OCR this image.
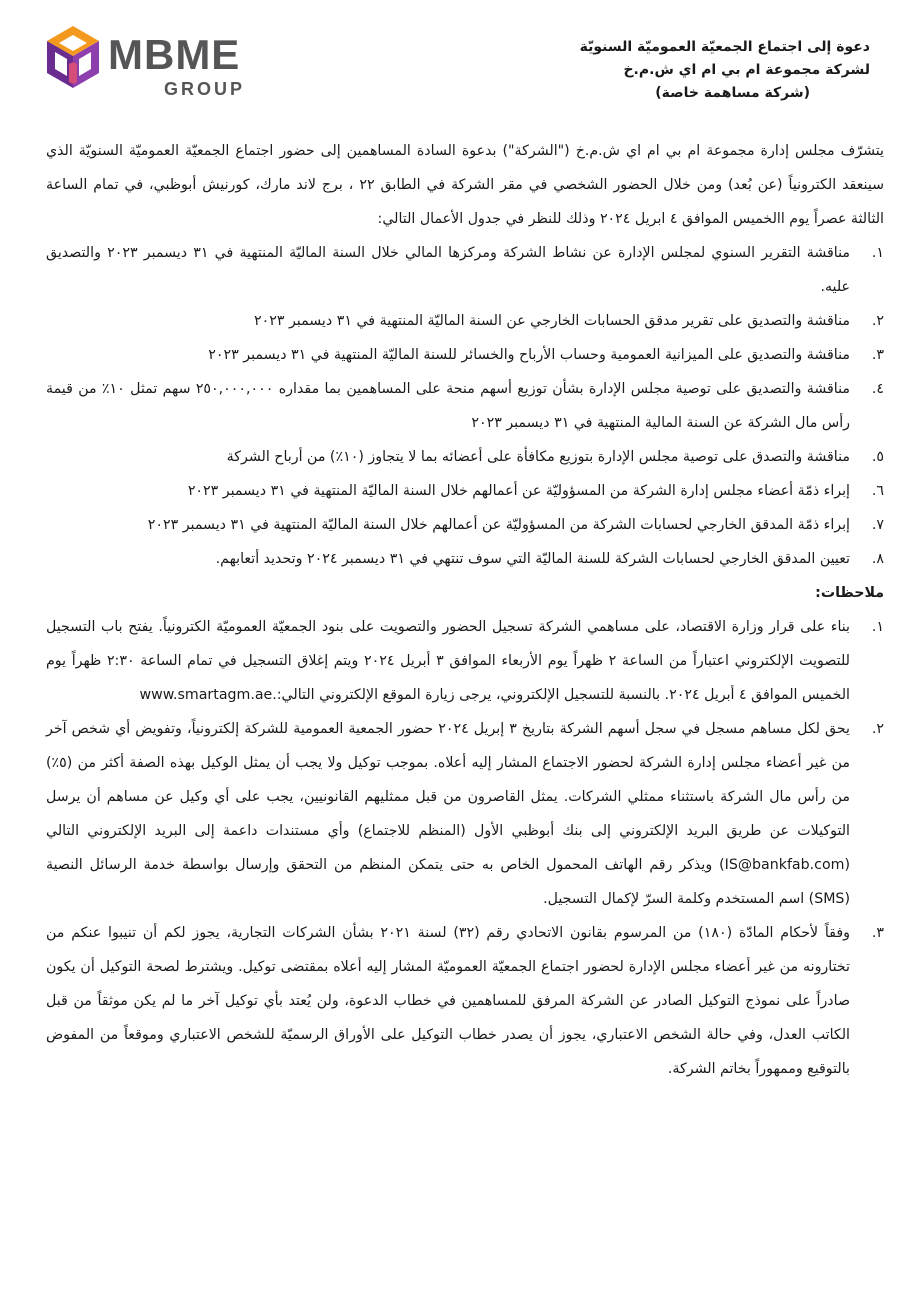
MBME
GROUP
دعوة إلى اجتماع الجمعيّة العموميّة السنويّة
لشركة مجموعة ام بي ام اي ش.م.خ
(شركة مساهمة خاصة)

يتشرّف مجلس إدارة مجموعة ام بي ام اي ش.م.خ ("الشركة") بدعوة السادة المساهمين إلى حضور اجتماع الجمعيّة العموميّة السنويّة الذي سينعقد الكترونياً (عن بُعد) ومن خلال الحضور الشخصي في مقر الشركة في الطابق ٢٢ ، برج لاند مارك، كورنيش أبوظبي، في تمام الساعة الثالثة عصراً يوم االخميس الموافق ٤ ابريل ٢٠٢٤ وذلك للنظر في جدول الأعمال التالي:

١.
مناقشة التقرير السنوي لمجلس الإدارة عن نشاط الشركة ومركزها المالي خلال السنة الماليّة المنتهية في ٣١ ديسمبر ٢٠٢٣ والتصديق عليه.
٢.
مناقشة والتصديق على تقرير مدقق الحسابات الخارجي عن السنة الماليّة المنتهية في ٣١ ديسمبر ٢٠٢٣
٣.
مناقشة والتصديق على الميزانية العمومية وحساب الأرباح والخسائر للسنة الماليّة المنتهية في ٣١ ديسمبر ٢٠٢٣
٤.
مناقشة والتصديق على توصية مجلس الإدارة بشأن توزيع أسهم منحة على المساهمين بما مقداره ٢٥٠,٠٠٠,٠٠٠ سهم تمثل ١٠٪ من قيمة رأس مال الشركة عن السنة المالية المنتهية في ٣١ ديسمبر ٢٠٢٣
٥.
مناقشة والتصدق على توصية مجلس الإدارة بتوزيع مكافأة على أعضائه بما لا يتجاوز (١٠٪) من أرباح الشركة
٦.
إبراء ذمّة أعضاء مجلس إدارة الشركة من المسؤوليّة عن أعمالهم خلال السنة الماليّة المنتهية في ٣١ ديسمبر ٢٠٢٣
٧.
إبراء ذمّة المدقق الخارجي لحسابات الشركة من المسؤوليّة عن أعمالهم خلال السنة الماليّة المنتهية في ٣١ ديسمبر ٢٠٢٣
٨.
تعيين المدقق الخارجي لحسابات الشركة للسنة الماليّة التي سوف تنتهي في ٣١ ديسمبر ٢٠٢٤ وتحديد أتعابهم.

ملاحظات:

١.
بناء على قرار وزارة الاقتصاد، على مساهمي الشركة تسجيل الحضور والتصويت على بنود الجمعيّة العموميّة الكترونياً. يفتح باب التسجيل للتصويت الإلكتروني اعتباراً من الساعة ٢ ظهراً يوم الأربعاء الموافق ٣ أبريل ٢٠٢٤ ويتم إغلاق التسجيل في تمام الساعة ٢:٣٠ ظهراً يوم الخميس الموافق ٤ أبريل ٢٠٢٤. بالنسبة للتسجيل الإلكتروني، يرجى زيارة الموقع الإلكتروني التالي:www.smartagm.ae.
٢.
يحق لكل مساهم مسجل في سجل أسهم الشركة بتاريخ ٣ إبريل ٢٠٢٤ حضور الجمعية العمومية للشركة إلكترونياً، وتفويض أي شخص آخر من غير أعضاء مجلس إدارة الشركة لحضور الاجتماع المشار إليه أعلاه. بموجب توكيل ولا يجب أن يمثل الوكيل بهذه الصفة أكثر من (٥٪) من رأس مال الشركة باستثناء ممثلي الشركات. يمثل القاصرون من قبل ممثليهم القانونيين، يجب على أي وكيل عن مساهم أن يرسل التوكيلات عن طريق البريد الإلكتروني إلى بنك أبوظبي الأول (المنظم للاجتماع) وأي مستندات داعمة إلى البريد الإلكتروني التالي (IS@bankfab.com) ويذكر رقم الهاتف المحمول الخاص به حتى يتمكن المنظم من التحقق وإرسال بواسطة خدمة الرسائل النصية (SMS) اسم المستخدم وكلمة السرّ لإكمال التسجيل.
٣.
وفقاً لأحكام المادّة (١٨٠) من المرسوم بقانون الاتحادي رقم (٣٢) لسنة ٢٠٢١ بشأن الشركات التجارية، يجوز لكم أن تنيبوا عنكم من تختارونه من غير أعضاء مجلس الإدارة لحضور اجتماع الجمعيّة العموميّة المشار إليه أعلاه بمقتضى توكيل. ويشترط لصحة التوكيل أن يكون صادراً على نموذج التوكيل الصادر عن الشركة المرفق للمساهمين في خطاب الدعوة، ولن يُعتد بأي توكيل آخر ما لم يكن موثقاً من قبل الكاتب العدل، وفي حالة الشخص الاعتباري، يجوز أن يصدر خطاب التوكيل على الأوراق الرسميّة للشخص الاعتباري وموقعاً من المفوض بالتوقيع وممهوراً بخاتم الشركة.
